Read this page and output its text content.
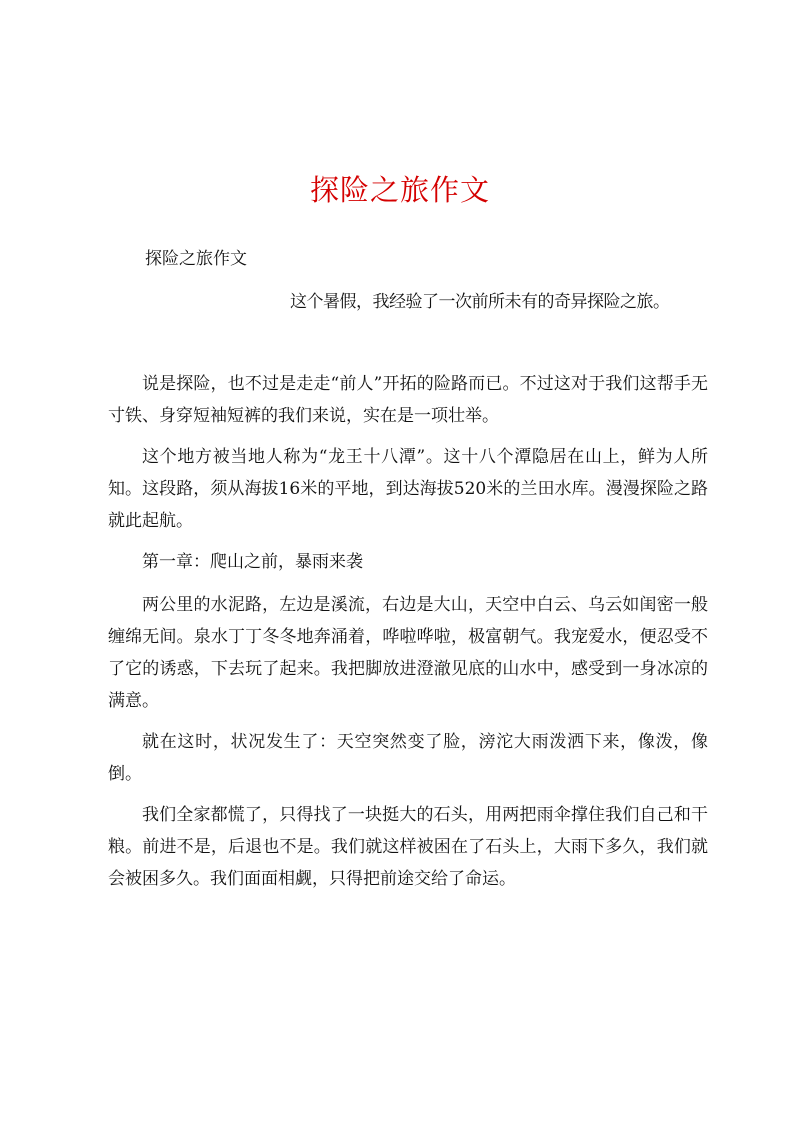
探险之旅作文
探险之旅作文
这个暑假，我经验了一次前所未有的奇异探险之旅。

说是探险，也不过是走走“前人”开拓的险路而已。不过这对于我们这帮手无寸铁、身穿短袖短裤的我们来说，实在是一项壮举。

这个地方被当地人称为“龙王十八潭”。这十八个潭隐居在山上，鲜为人所知。这段路，须从海拔16米的平地，到达海拔520米的兰田水库。漫漫探险之路就此起航。

第一章：爬山之前，暴雨来袭

两公里的水泥路，左边是溪流，右边是大山，天空中白云、乌云如闺密一般缠绵无间。泉水丁丁冬冬地奔涌着，哗啦哗啦，极富朝气。我宠爱水，便忍受不了它的诱惑，下去玩了起来。我把脚放进澄澈见底的山水中，感受到一身冰凉的满意。

就在这时，状况发生了：天空突然变了脸，滂沱大雨泼洒下来，像泼，像倒。

我们全家都慌了，只得找了一块挺大的石头，用两把雨伞撑住我们自己和干粮。前进不是，后退也不是。我们就这样被困在了石头上，大雨下多久，我们就会被困多久。我们面面相觑，只得把前途交给了命运。
